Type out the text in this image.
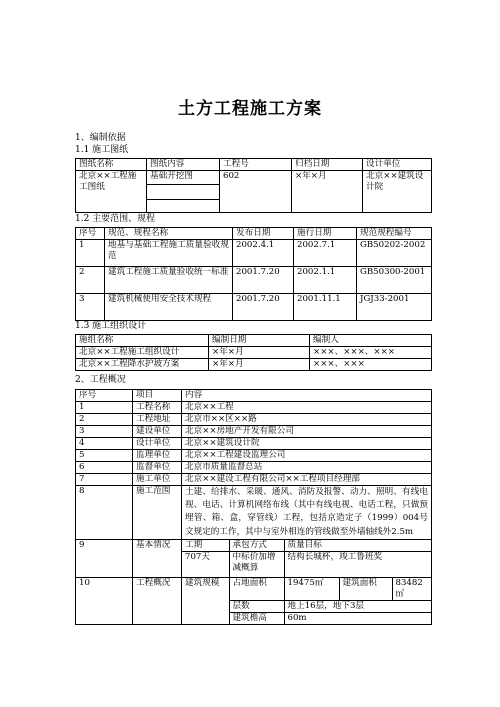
土方工程施工方案
1、编制依据
1.1 施工图纸
图纸名称	图纸内容	工程号	归档日期	设计单位
北京××工程施工图纸	基础开挖图	602	×年×月	北京××建筑设计院
1.2 主要范围、规程
序号	规范、规程名称	发布日期	施行日期	规范规程编号
1	地基与基础工程施工质量验收规范	2002.4.1	2002.7.1	GB50202-2002
2	建筑工程施工质量验收统一标准	2001.7.20	2002.1.1	GB50300-2001
3	建筑机械使用安全技术规程	2001.7.20	2001.11.1	JGJ33-2001
1.3 施工组织设计
施组名称	编制日期	编制人
北京××工程施工组织设计	×年×月	×××、×××、×××
北京××工程降水护坡方案	×年×月	×××、×××
2、工程概况
序号	项目	内容
1	工程名称	北京××工程
2	工程地址	北京市××区××路
3	建设单位	北京××房地产开发有限公司
4	设计单位	北京××建筑设计院
5	监理单位	北京××工程建设监理公司
6	监督单位	北京市质量监督总站
7	施工单位	北京××建设工程有限公司××工程项目经理部
8	施工范围	土建、给排水、采暖、通风、消防及报警、动力、照明、有线电视、电话、计算机网络布线（其中有线电视、电话工程，只做预埋管、箱、盒，穿管线）工程，包括京造定子（1999）004号文规定的工作，其中与室外相连的管线做至外墙轴线外2.5m
9	基本情况	工期	承包方式	质量目标
707天	中标价加增减概算	结构长城杯，竣工鲁班奖

10	工程概况	建筑规模	占地面积	19475㎡	建筑面积	83482㎡
层数	地上16层，地下3层
建筑檐高	60m
